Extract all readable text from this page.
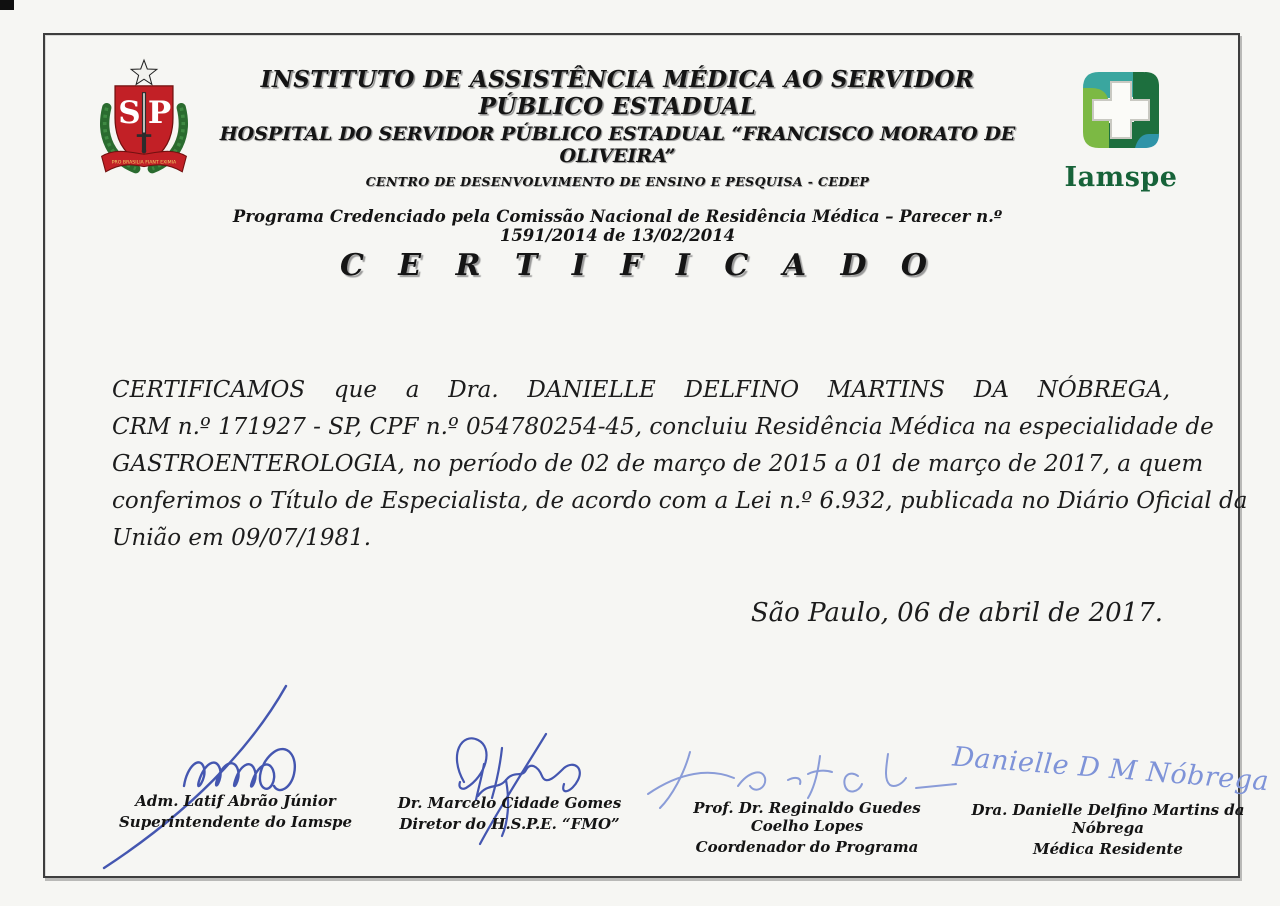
S P
PRO BRASILIA FIANT EXIMIA
INSTITUTO DE ASSISTÊNCIA MÉDICA AO SERVIDOR PÚBLICO ESTADUAL
HOSPITAL DO SERVIDOR PÚBLICO ESTADUAL “FRANCISCO MORATO DE OLIVEIRA”
CENTRO DE DESENVOLVIMENTO DE ENSINO E PESQUISA - CEDEP
Programa Credenciado pela Comissão Nacional de Residência Médica – Parecer n.º 1591/2014 de 13/02/2014
Iamspe
C E R T I F I C A D O
CERTIFICAMOS que a Dra. DANIELLE DELFINO MARTINS DA NÓBREGA,
CRM n.º 171927 - SP, CPF n.º 054780254-45, concluiu Residência Médica na especialidade de
GASTROENTEROLOGIA, no período de 02 de março de 2015 a 01 de março de 2017, a quem
conferimos o Título de Especialista, de acordo com a Lei n.º 6.932, publicada no Diário Oficial da
União em 09/07/1981.
São Paulo, 06 de abril de 2017.
Danielle D M Nóbrega
Adm. Latif Abrão Júnior
Superintendente do Iamspe
Dr. Marcelo Cidade Gomes
Diretor do H.S.P.E. “FMO”
Prof. Dr. Reginaldo Guedes Coelho Lopes
Coordenador do Programa
Dra. Danielle Delfino Martins da Nóbrega
Médica Residente
